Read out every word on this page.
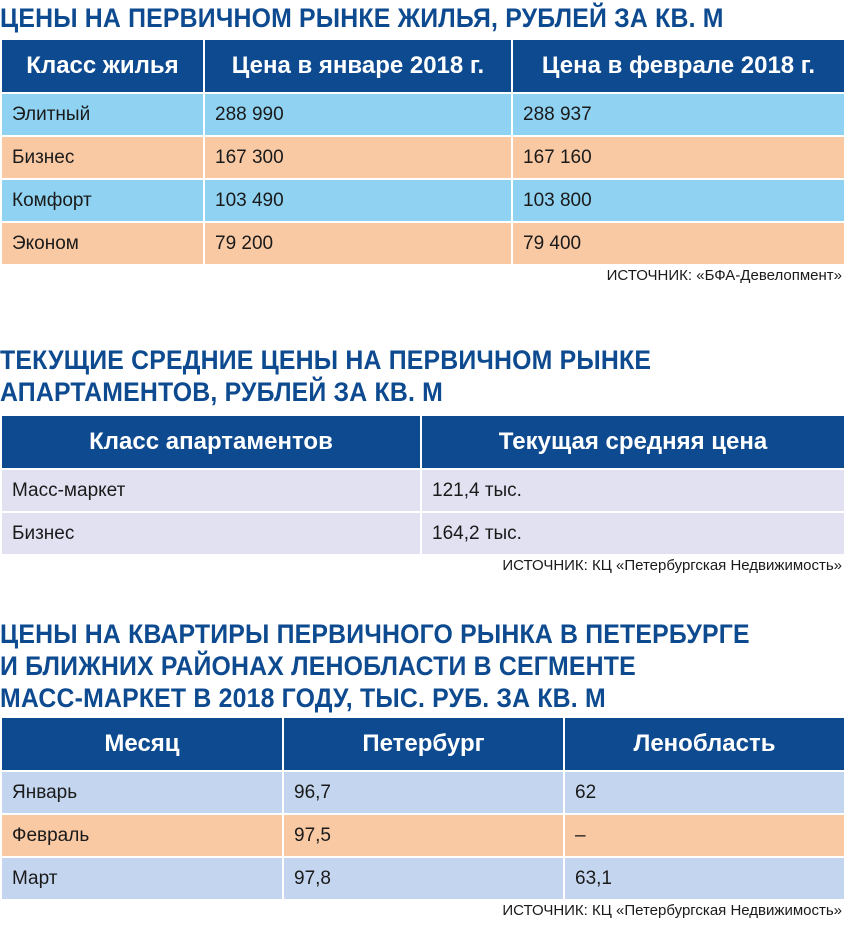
ЦЕНЫ НА ПЕРВИЧНОМ РЫНКЕ ЖИЛЬЯ, РУБЛЕЙ ЗА КВ. М
Класс жилья	Цена в январе 2018 г.	Цена в феврале 2018 г.
Элитный	288 990	288 937
Бизнес	167 300	167 160
Комфорт	103 490	103 800
Эконом	79 200	79 400
ИСТОЧНИК: «БФА-Девелопмент»
ТЕКУЩИЕ СРЕДНИЕ ЦЕНЫ НА ПЕРВИЧНОМ РЫНКЕ
АПАРТАМЕНТОВ, РУБЛЕЙ ЗА КВ. М
Класс апартаментов	Текущая средняя цена
Масс-маркет	121,4 тыс.
Бизнес	164,2 тыс.
ИСТОЧНИК: КЦ «Петербургская Недвижимость»
ЦЕНЫ НА КВАРТИРЫ ПЕРВИЧНОГО РЫНКА В ПЕТЕРБУРГЕ
И БЛИЖНИХ РАЙОНАХ ЛЕНОБЛАСТИ В СЕГМЕНТЕ
МАСС-МАРКЕТ В 2018 ГОДУ, ТЫС. РУБ. ЗА КВ. М
Месяц	Петербург	Ленобласть
Январь	96,7	62
Февраль	97,5	–
Март	97,8	63,1
ИСТОЧНИК: КЦ «Петербургская Недвижимость»
